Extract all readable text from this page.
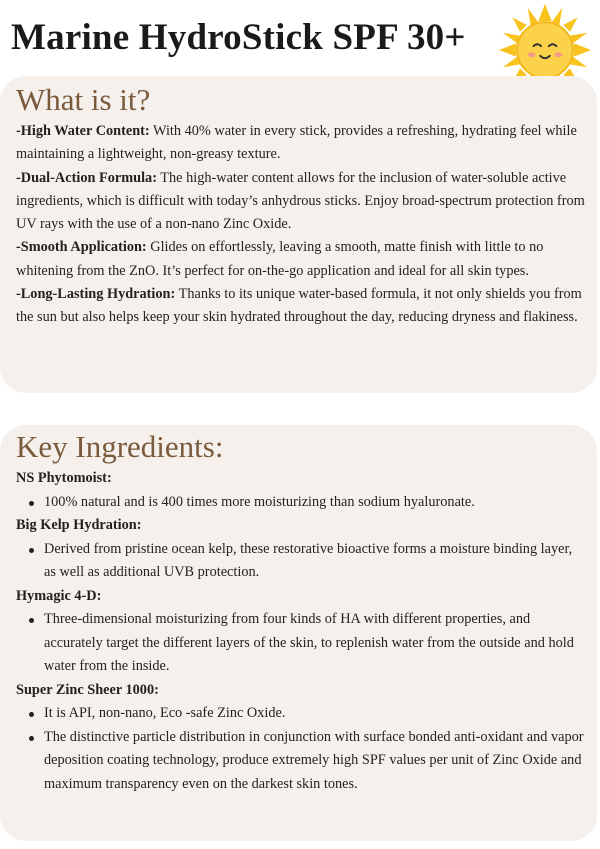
Marine HydroStick SPF 30+
What is it?

-High Water Content: With 40% water in every stick, provides a refreshing, hydrating feel while maintaining a lightweight, non-greasy texture.

-Dual-Action Formula: The high-water content allows for the inclusion of water-soluble active ingredients, which is difficult with today’s anhydrous sticks. Enjoy broad-spectrum protection from UV rays with the use of a non-nano Zinc Oxide.

-Smooth Application: Glides on effortlessly, leaving a smooth, matte finish with little to no whitening from the ZnO. It’s perfect for on-the-go application and ideal for all skin types.

-Long-Lasting Hydration: Thanks to its unique water-based formula, it not only shields you from the sun but also helps keep your skin hydrated throughout the day, reducing dryness and flakiness.

Key Ingredients:

NS Phytomoist:

100% natural and is 400 times more moisturizing than sodium hyaluronate.

Big Kelp Hydration:

Derived from pristine ocean kelp, these restorative bioactive forms a moisture binding layer, as well as additional UVB protection.

Hymagic 4-D:

Three-dimensional moisturizing from four kinds of HA with different properties, and accurately target the different layers of the skin, to replenish water from the outside and hold water from the inside.

Super Zinc Sheer 1000:

It is API, non-nano, Eco -safe Zinc Oxide.
The distinctive particle distribution in conjunction with surface bonded anti-oxidant and vapor deposition coating technology, produce extremely high SPF values per unit of Zinc Oxide and maximum transparency even on the darkest skin tones.
